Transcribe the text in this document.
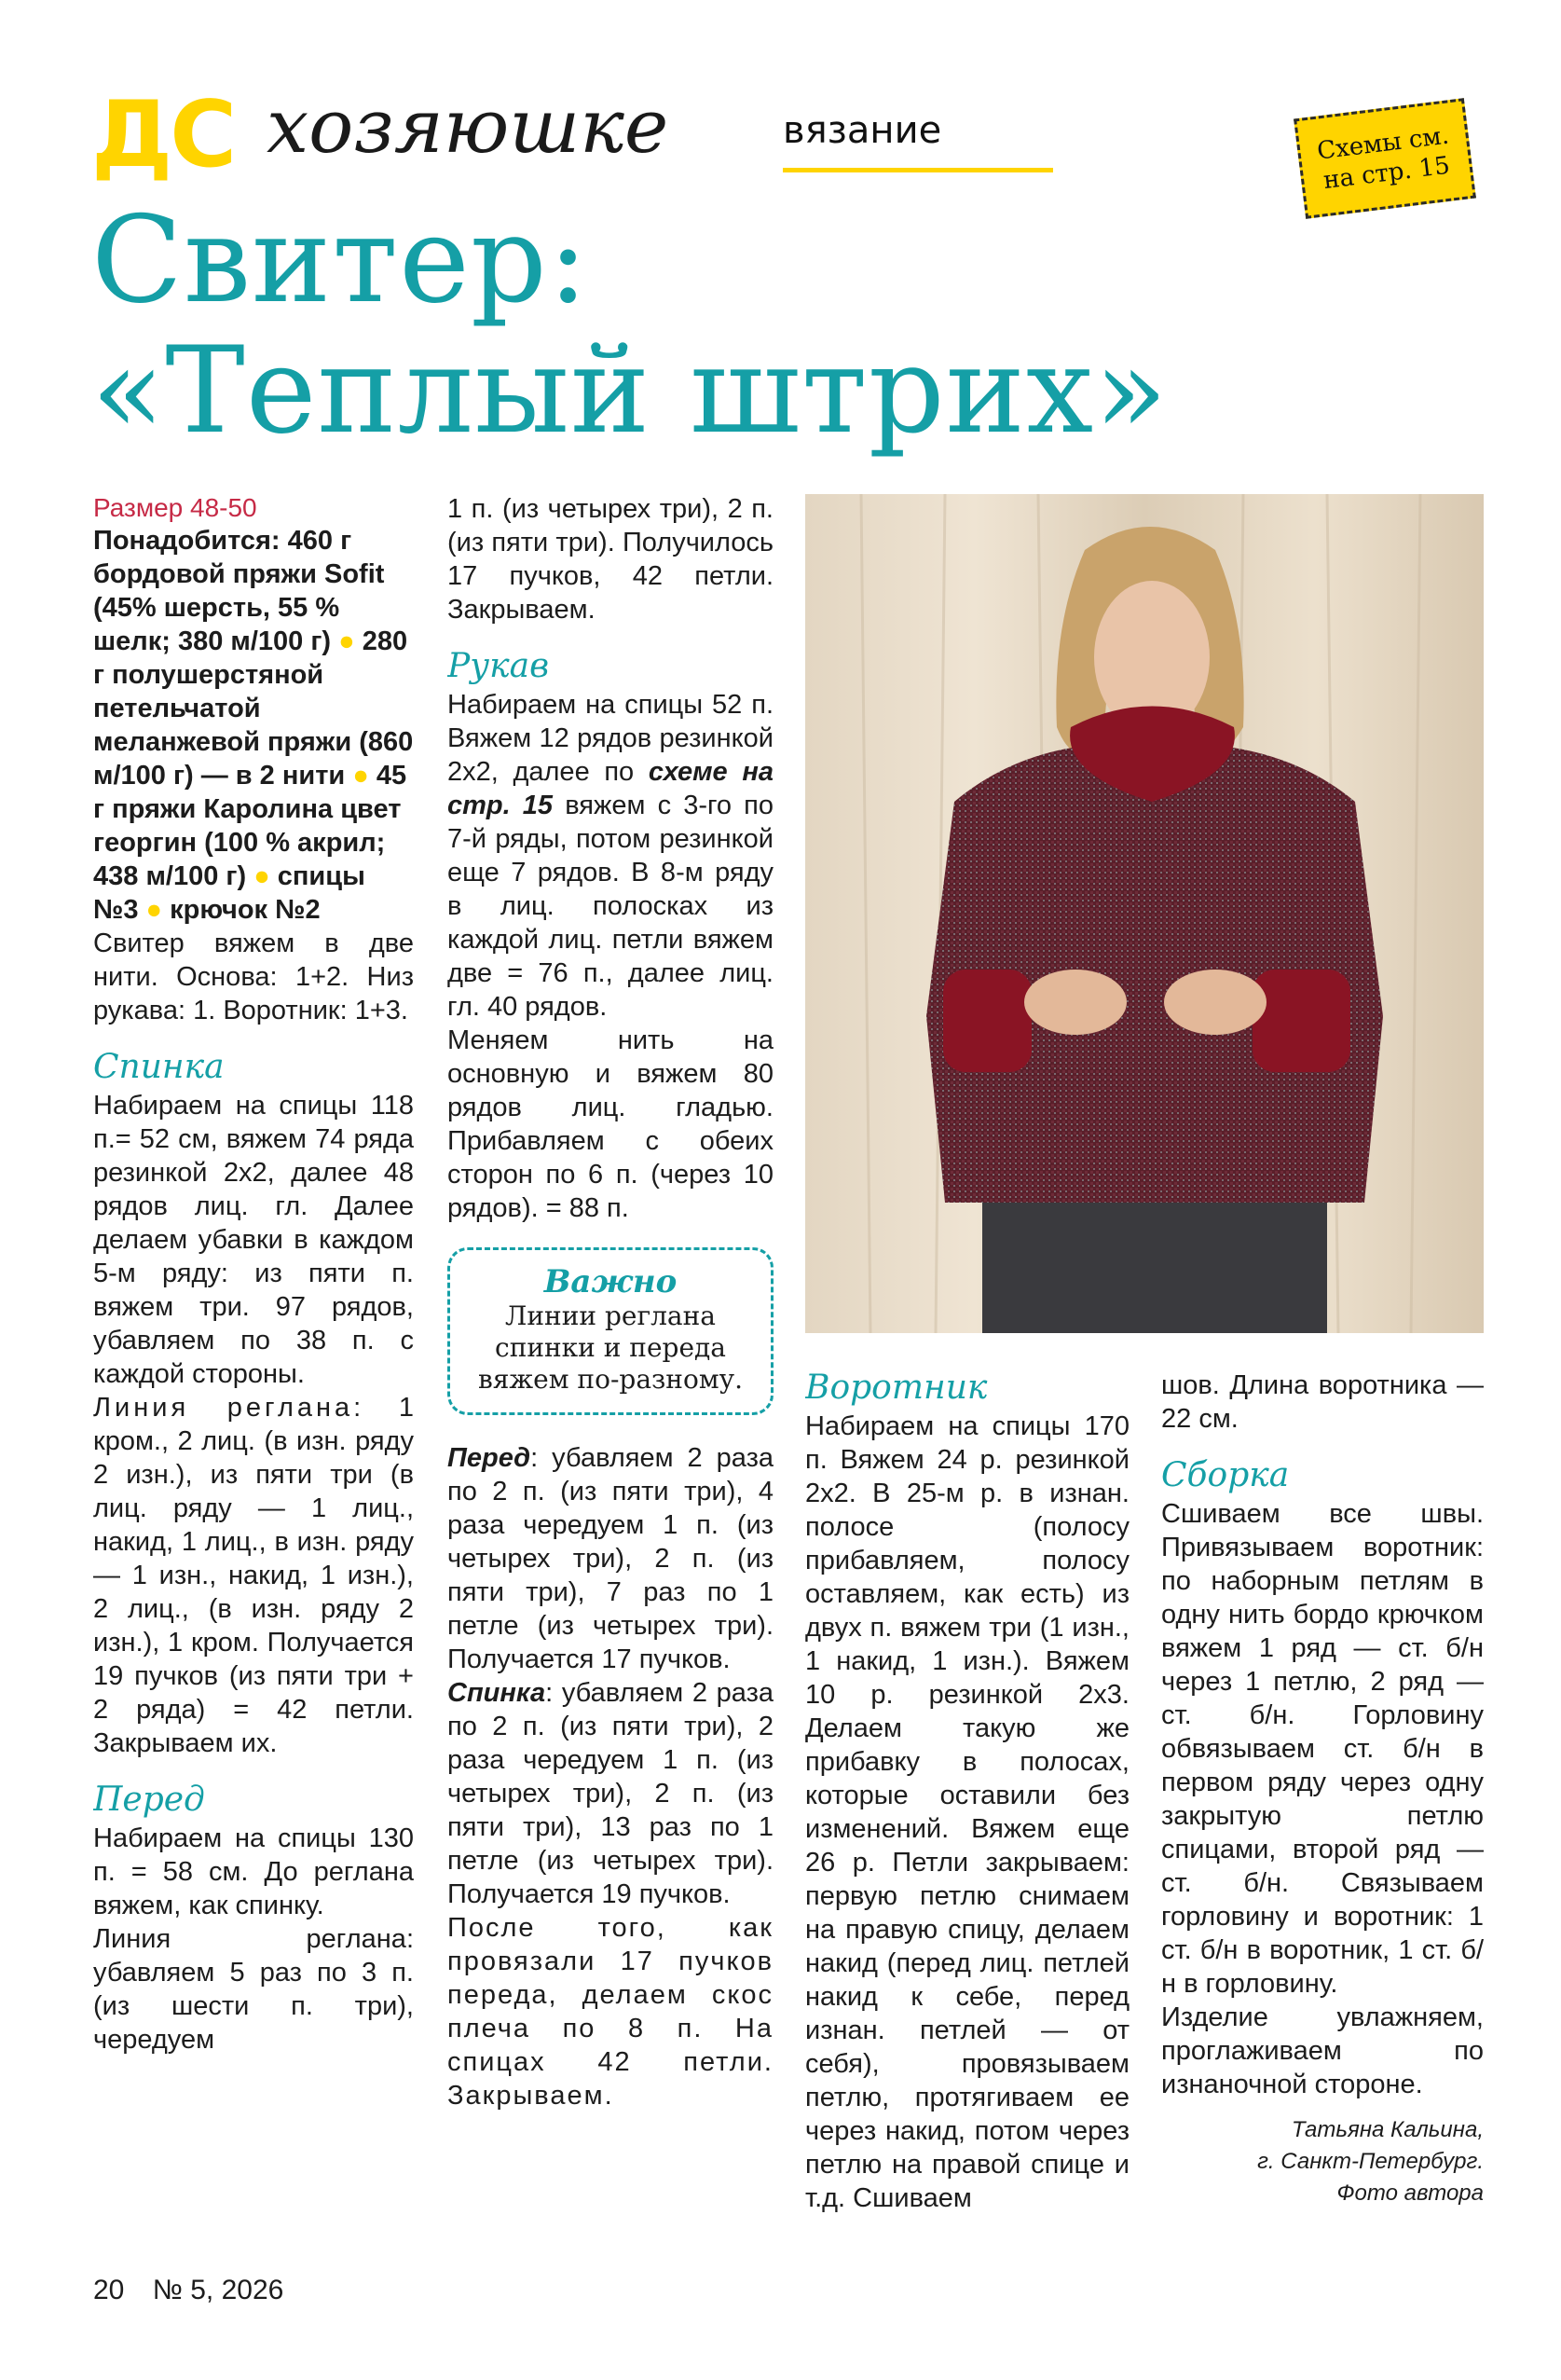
ДС хозяюшке	вязание	Схемы см. на стр. 15
Свитер:
«Теплый штрих»
Размер 48-50

Понадобится: 460 г бордовой пряжи Sofit (45% шерсть, 55 % шелк; 380 м/100 г) ● 280 г полушерстяной петельчатой меланжевой пряжи (860 м/100 г) — в 2 нити ● 45 г пряжи Каролина цвет георгин (100 % акрил; 438 м/100 г) ● спицы №3 ● крючок №2

Свитер вяжем в две нити. Основа: 1+2. Низ рукава: 1. Воротник: 1+3.

Спинка

Набираем на спицы 118 п.= 52 см, вяжем 74 ряда резинкой 2х2, далее 48 рядов лиц. гл. Далее делаем убавки в каждом 5-м ряду: из пяти п. вяжем три. 97 рядов, убавляем по 38 п. с каждой стороны.

Линия реглана: 1 кром., 2 лиц. (в изн. ряду 2 изн.), из пяти три (в лиц. ряду — 1 лиц., накид, 1 лиц., в изн. ряду — 1 изн., накид, 1 изн.), 2 лиц., (в изн. ряду 2 изн.), 1 кром. Получается 19 пучков (из пяти три + 2 ряда) = 42 петли. Закрываем их.

Перед

Набираем на спицы 130 п. = 58 см. До реглана вяжем, как спинку.

Линия реглана: убавляем 5 раз по 3 п. (из шести п. три), чередуем

1 п. (из четырех три), 2 п. (из пяти три). Получилось 17 пучков, 42 петли. Закрываем.

Рукав

Набираем на спицы 52 п. Вяжем 12 рядов резинкой 2х2, далее по схеме на стр. 15 вяжем с 3-го по 7-й ряды, потом резинкой еще 7 рядов. В 8-м ряду в лиц. полосках из каждой лиц. петли вяжем две = 76 п., далее лиц. гл. 40 рядов.

Меняем нить на основную и вяжем 80 рядов лиц. гладью. Прибавляем с обеих сторон по 6 п. (через 10 рядов). = 88 п.

Важно
Линии реглана спинки и переда вяжем по-разному.

Перед: убавляем 2 раза по 2 п. (из пяти три), 4 раза чередуем 1 п. (из четырех три), 2 п. (из пяти три), 7 раз по 1 петле (из четырех три). Получается 17 пучков.

Спинка: убавляем 2 раза по 2 п. (из пяти три), 2 раза чередуем 1 п. (из четырех три), 2 п. (из пяти три), 13 раз по 1 петле (из четырех три). Получается 19 пучков.

После того, как провязали 17 пучков переда, делаем скос плеча по 8 п. На спицах 42 петли. Закрываем.

Воротник

Набираем на спицы 170 п. Вяжем 24 р. резинкой 2х2. В 25-м р. в изнан. полосе (полосу прибавляем, полосу оставляем, как есть) из двух п. вяжем три (1 изн., 1 накид, 1 изн.). Вяжем 10 р. резинкой 2х3. Делаем такую же прибавку в полосах, которые оставили без изменений. Вяжем еще 26 р. Петли закрываем: первую петлю снимаем на правую спицу, делаем накид (перед лиц. петлей накид к себе, перед изнан. петлей — от себя), провязываем петлю, протягиваем ее через накид, потом через петлю на правой спице и т.д. Сшиваем

шов. Длина воротника — 22 см.

Сборка

Сшиваем все швы. Привязываем воротник: по наборным петлям в одну нить бордо крючком вяжем 1 ряд — ст. б/н через 1 петлю, 2 ряд — ст. б/н. Горловину обвязываем ст. б/н в первом ряду через одну закрытую петлю спицами, второй ряд — ст. б/н. Связываем горловину и воротник: 1 ст. б/н в воротник, 1 ст. б/н в горловину.

Изделие увлажняем, проглаживаем по изнаночной стороне.

Татьяна Кальина,
г. Санкт-Петербург.
Фото автора
20 № 5, 2026
